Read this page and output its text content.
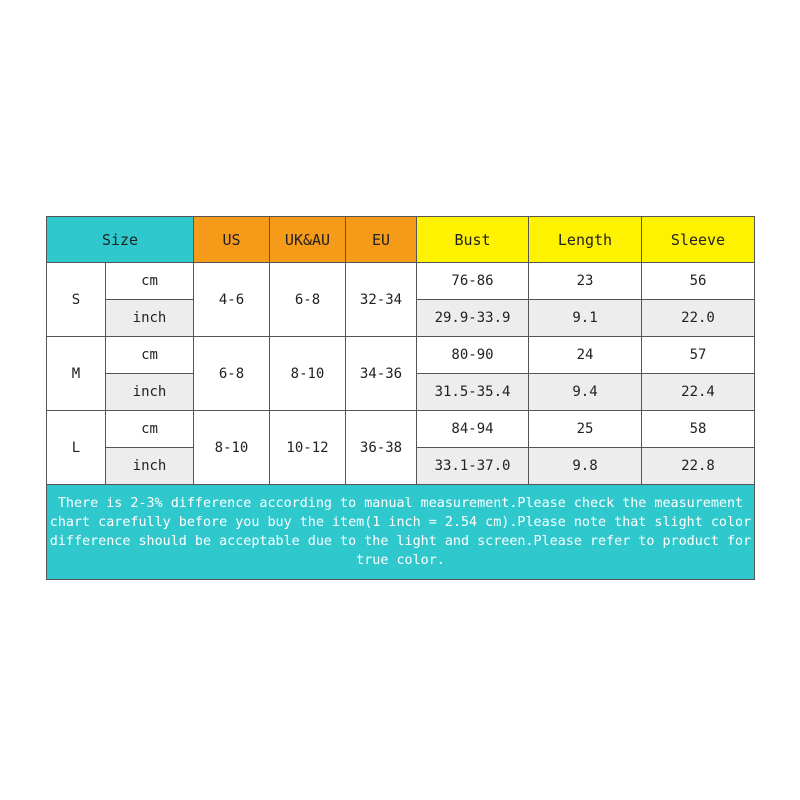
Size		US	UK&AU	EU	Bust	Length	Sleeve
S	cm	4-6	6-8	32-34	76-86	23	56
	inch				29.9-33.9	9.1	22.0
M	cm	6-8	8-10	34-36	80-90	24	57
	inch				31.5-35.4	9.4	22.4
L	cm	8-10	10-12	36-38	84-94	25	58
	inch				33.1-37.0	9.8	22.8

There is 2-3% difference according to manual measurement.Please check the measurement chart carefully before you buy the item(1 inch = 2.54 cm).Please note that slight color difference should be acceptable due to the light and screen.Please refer to product for true color.							
